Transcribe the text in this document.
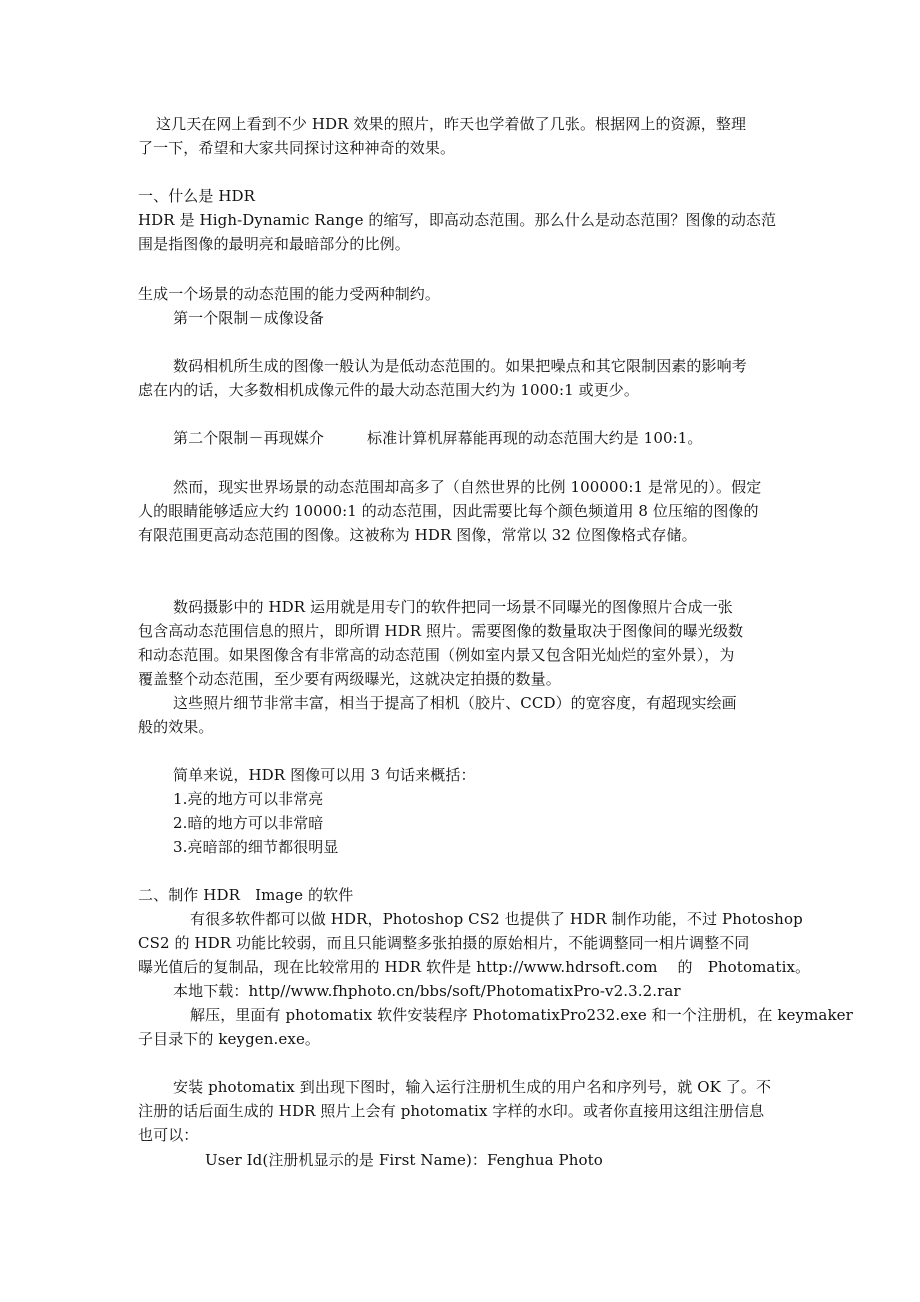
这几天在网上看到不少 HDR 效果的照片，昨天也学着做了几张。根据网上的资源，整理
了一下，希望和大家共同探讨这种神奇的效果。
一、什么是 HDR
HDR 是 High-Dynamic Range 的缩写，即高动态范围。那么什么是动态范围？图像的动态范
围是指图像的最明亮和最暗部分的比例。
生成一个场景的动态范围的能力受两种制约。
第一个限制－成像设备
数码相机所生成的图像一般认为是低动态范围的。如果把噪点和其它限制因素的影响考
虑在内的话，大多数相机成像元件的最大动态范围大约为 1000:1 或更少。
第二个限制－再现媒介	标准计算机屏幕能再现的动态范围大约是 100:1。
然而，现实世界场景的动态范围却高多了（自然世界的比例 100000:1 是常见的）。假定
人的眼睛能够适应大约 10000:1 的动态范围，因此需要比每个颜色频道用 8 位压缩的图像的
有限范围更高动态范围的图像。这被称为 HDR 图像，常常以 32 位图像格式存储。
数码摄影中的 HDR 运用就是用专门的软件把同一场景不同曝光的图像照片合成一张
包含高动态范围信息的照片，即所谓 HDR 照片。需要图像的数量取决于图像间的曝光级数
和动态范围。如果图像含有非常高的动态范围（例如室内景又包含阳光灿烂的室外景），为
覆盖整个动态范围，至少要有两级曝光，这就决定拍摄的数量。
这些照片细节非常丰富，相当于提高了相机（胶片、CCD）的宽容度，有超现实绘画
般的效果。
简单来说，HDR 图像可以用 3 句话来概括：
1.亮的地方可以非常亮
2.暗的地方可以非常暗
3.亮暗部的细节都很明显
二、制作 HDR　Image 的软件
有很多软件都可以做 HDR，Photoshop CS2 也提供了 HDR 制作功能，不过 Photoshop
CS2 的 HDR 功能比较弱，而且只能调整多张拍摄的原始相片，不能调整同一相片调整不同
曝光值后的复制品，现在比较常用的 HDR 软件是 http://www.hdrsoft.com　 的　Photomatix。
本地下载：http//www.fhphoto.cn/bbs/soft/PhotomatixPro-v2.3.2.rar
解压，里面有 photomatix 软件安装程序 PhotomatixPro232.exe 和一个注册机，在 keymaker
子目录下的 keygen.exe。
安装 photomatix 到出现下图时，输入运行注册机生成的用户名和序列号，就 OK 了。不
注册的话后面生成的 HDR 照片上会有 photomatix 字样的水印。或者你直接用这组注册信息
也可以：
User Id(注册机显示的是 First Name)：Fenghua Photo
